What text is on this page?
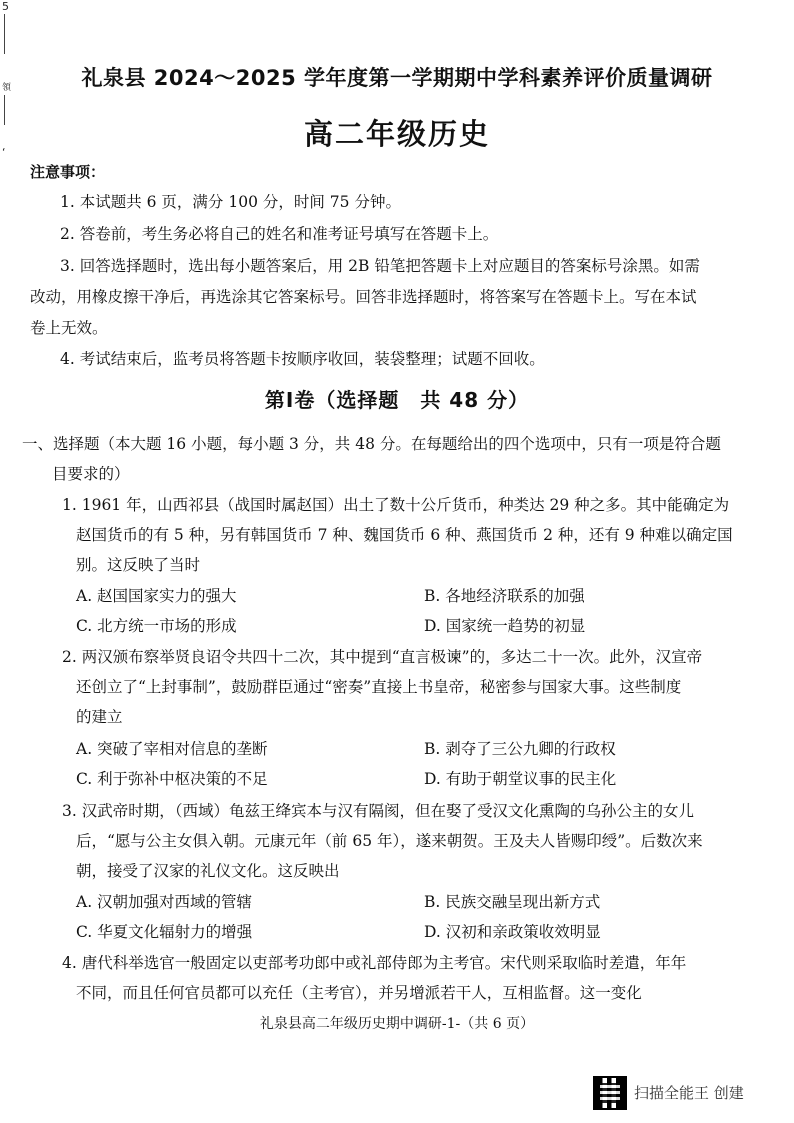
5
領
‘
礼泉县 2024～2025 学年度第一学期期中学科素养评价质量调研
高二年级历史
注意事项：
1. 本试题共 6 页，满分 100 分，时间 75 分钟。
2. 答卷前，考生务必将自己的姓名和准考证号填写在答题卡上。
3. 回答选择题时，选出每小题答案后，用 2B 铅笔把答题卡上对应题目的答案标号涂黑。如需
改动，用橡皮擦干净后，再选涂其它答案标号。回答非选择题时，将答案写在答题卡上。写在本试
卷上无效。
4. 考试结束后，监考员将答题卡按顺序收回，装袋整理；试题不回收。
第Ⅰ卷（选择题　共 48 分）
一、选择题（本大题 16 小题，每小题 3 分，共 48 分。在每题给出的四个选项中，只有一项是符合题
目要求的）
1. 1961 年，山西祁县（战国时属赵国）出土了数十公斤货币，种类达 29 种之多。其中能确定为
赵国货币的有 5 种，另有韩国货币 7 种、魏国货币 6 种、燕国货币 2 种，还有 9 种难以确定国
别。这反映了当时
A. 赵国国家实力的强大	B. 各地经济联系的加强
C. 北方统一市场的形成	D. 国家统一趋势的初显
2. 两汉颁布察举贤良诏令共四十二次，其中提到“直言极谏”的，多达二十一次。此外，汉宣帝
还创立了“上封事制”，鼓励群臣通过“密奏”直接上书皇帝，秘密参与国家大事。这些制度
的建立
A. 突破了宰相对信息的垄断	B. 剥夺了三公九卿的行政权
C. 利于弥补中枢决策的不足	D. 有助于朝堂议事的民主化
3. 汉武帝时期，（西域）龟兹王绛宾本与汉有隔阂，但在娶了受汉文化熏陶的乌孙公主的女儿
后，“愿与公主女俱入朝。元康元年（前 65 年），遂来朝贺。王及夫人皆赐印绶”。后数次来
朝，接受了汉家的礼仪文化。这反映出
A. 汉朝加强对西域的管辖	B. 民族交融呈现出新方式
C. 华夏文化辐射力的增强	D. 汉初和亲政策收效明显
4. 唐代科举选官一般固定以吏部考功郎中或礼部侍郎为主考官。宋代则采取临时差遣，年年
不同，而且任何官员都可以充任（主考官），并另增派若干人，互相监督。这一变化
礼泉县高二年级历史期中调研-1-（共 6 页）
扫描全能王 创建
